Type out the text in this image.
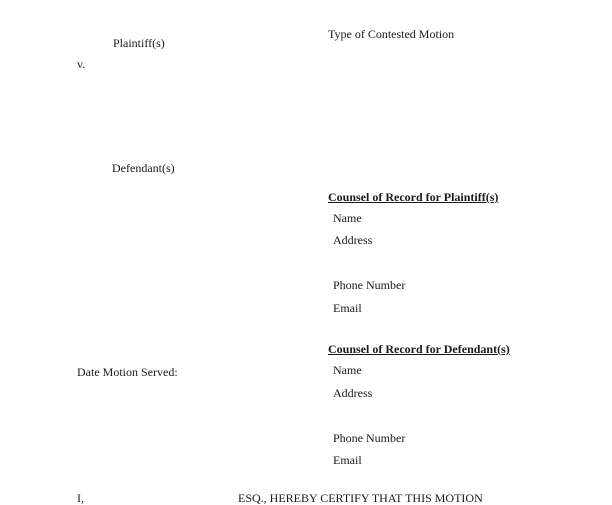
Plaintiff(s)
v.
Defendant(s)
Date Motion Served:
Type of Contested Motion
Counsel of Record for Plaintiff(s)
Name
Address
Phone Number
Email
Counsel of Record for Defendant(s)
Name
Address
Phone Number
Email
I,	ESQ., HEREBY CERTIFY THAT THIS MOTION
